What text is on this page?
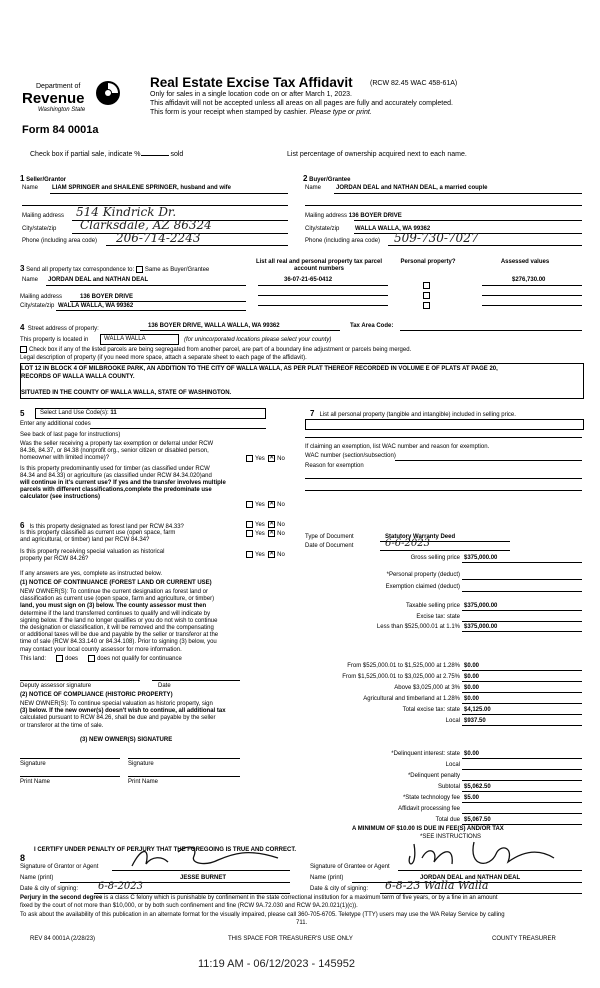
Department of
Revenue
Washington State
Form 84 0001a
Real Estate Excise Tax Affidavit (RCW 82.45 WAC 458-61A)
Only for sales in a single location code on or after March 1, 2023.
This affidavit will not be accepted unless all areas on all pages are fully and accurately completed.
This form is your receipt when stamped by cashier. Please type or print.
Check box if partial sale, indicate %	sold	List percentage of ownership acquired next to each name.
1 Seller/Grantor
Name LIAM SPRINGER and SHAILENE SPRINGER, husband and wife
Mailing address 514 Kindrick Dr.
City/state/zip Clarksdale, AZ 86324
Phone (including area code) 206-714-2243
2 Buyer/Grantee
Name JORDAN DEAL and NATHAN DEAL, a married couple
Mailing address 136 BOYER DRIVE
City/state/zip	WALLA WALLA, WA 99362
Phone (including area code) 509-730-7027
3 Send all property tax correspondence to: Same as Buyer/Grantee
Name JORDAN DEAL and NATHAN DEAL
Mailing address	136 BOYER DRIVE
City/state/zip WALLA WALLA, WA 99362
List all real and personal property tax parcel account numbers
Personal property?	Assessed values
36-07-21-65-0412	$276,730.00
4 Street address of property:	136 BOYER DRIVE, WALLA WALLA, WA 99362	Tax Area Code:
This property is located in	WALLA WALLA	(for unincorporated locations please select your county)
Check box if any of the listed parcels are being segregated from another parcel, are part of a boundary line adjustment or parcels being merged.
Legal description of property (if you need more space, attach a separate sheet to each page of the affidavit).
LOT 12 IN BLOCK 4 OF MILBROOKE PARK, AN ADDITION TO THE CITY OF WALLA WALLA, AS PER PLAT THEREOF RECORDED IN VOLUME E OF PLATS AT PAGE 20,
RECORDS OF WALLA WALLA COUNTY.
SITUATED IN THE COUNTY OF WALLA WALLA, STATE OF WASHINGTON.
5	Select Land Use Code(s): 11
Enter any additional codes
See back of last page for instructions)
Was the seller receiving a property tax exemption or deferral under RCW
84.36, 84.37, or 84.38 (nonprofit org., senior citizen or disabled person,
homeowner with limited income)?	Yes ✕ No
Is this property predominantly used for timber (as classified under RCW
84.34 and 84.33) or agriculture (as classified under RCW 84.34.020)and
will continue in it's current use? If yes and the transfer involves multiple
parcels with different classifications,complete the predominate use
calculator (see instructions)
Yes ✕ No
7 List all personal property (tangible and intangible) included in selling price.
If claiming an exemption, list WAC number and reason for exemption.
WAC number (section/subsection)
Reason for exemption
6 Is this property designated as forest land per RCW 84.33?	Yes ✕ No
Is this property classified as current use (open space, farm
and agricultural, or timber) land per RCW 84.34?
Yes ✕ No
Is this property receiving special valuation as historical
property per RCW 84.26?
Yes ✕ No
If any answers are yes, complete as instructed below.
(1) NOTICE OF CONTINUANCE (FOREST LAND OR CURRENT USE)
NEW OWNER(S): To continue the current designation as forest land or
classification as current use (open space, farm and agriculture, or timber)
land, you must sign on (3) below. The county assessor must then
determine if the land transferred continues to qualify and will indicate by
signing below. If the land no longer qualifies or you do not wish to continue
the designation or classification, it will be removed and the compensating
or additional taxes will be due and payable by the seller or transferor at the
time of sale (RCW 84.33.140 or 84.34.108). Prior to signing (3) below, you
may contact your local county assessor for more information.
This land:	does	does not qualify for continuance
Deputy assessor signature	Date
(2) NOTICE OF COMPLIANCE (HISTORIC PROPERTY)
NEW OWNER(S): To continue special valuation as historic property, sign
(3) below. If the new owner(s) doesn't wish to continue, all additional tax
calculated pursuant to RCW 84.26, shall be due and payable by the seller
or transferor at the time of sale.
(3) NEW OWNER(S) SIGNATURE
Signature	Signature
Print Name	Print Name
Type of Document	Statutory Warranty Deed
Date of Document	6-6-2023
Gross selling price $375,000.00
*Personal property (deduct)
Exemption claimed (deduct)
Taxable selling price $375,000.00
Excise tax: state
Less than $525,000.01 at 1.1% $375,000.00
From $525,000.01 to $1,525,000 at 1.28% $0.00
From $1,525,000.01 to $3,025,000 at 2.75% $0.00
Above $3,025,000 at 3% $0.00
Agricultural and timberland at 1.28% $0.00
Total excise tax: state $4,125.00
Local $937.50
*Delinquent interest: state $0.00
Local
*Delinquent penalty
Subtotal $5,062.50
*State technology fee $5.00
Affidavit processing fee
Total due $5,067.50
A MINIMUM OF $10.00 IS DUE IN FEE(S) AND/OR TAX
*SEE INSTRUCTIONS
I CERTIFY UNDER PENALTY OF PERJURY THAT THE FOREGOING IS TRUE AND CORRECT.
8
Signature of Grantor or Agent
Name (print)	JESSE BURNET
Date & city of signing: 6-8-2023
Signature of Grantee or Agent
Name (print)	JORDAN DEAL and NATHAN DEAL
Date & city of signing: 6-8-23 Walla Walla
Perjury in the second degree is a class C felony which is punishable by confinement in the state correctional institution for a maximum term of five years, or by a fine in an amount
fixed by the court of not more than $10,000, or by both such confinement and fine (RCW 9A.72.030 and RCW 9A.20.021(1)(c)).
To ask about the availability of this publication in an alternate format for the visually impaired, please call 360-705-6705. Teletype (TTY) users may use the WA Relay Service by calling
711.
REV 84 0001A (2/28/23)	THIS SPACE FOR TREASURER'S USE ONLY	COUNTY TREASURER
11:19 AM - 06/12/2023 - 145952
